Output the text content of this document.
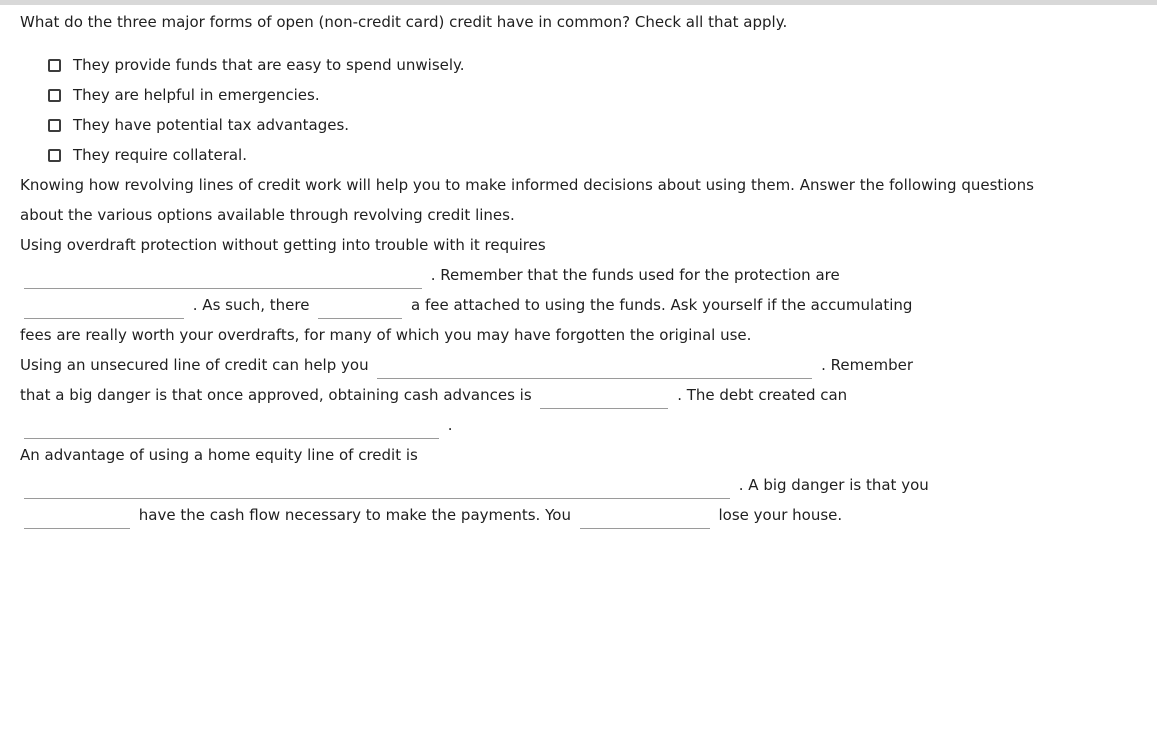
What do the three major forms of open (non-credit card) credit have in common? Check all that apply.
They provide funds that are easy to spend unwisely.
They are helpful in emergencies.
They have potential tax advantages.
They require collateral.

Knowing how revolving lines of credit work will help you to make informed decisions about using them. Answer the following questions about the various options available through revolving credit lines.

Using overdraft protection without getting into trouble with it requires
. Remember that the funds used for the protection are
. As such, there	a fee attached to using the funds. Ask yourself if the accumulating
fees are really worth your overdrafts, for many of which you may have forgotten the original use.

Using an unsecured line of credit can help you	. Remember
that a big danger is that once approved, obtaining cash advances is	. The debt created can
.

An advantage of using a home equity line of credit is
. A big danger is that you
have the cash flow necessary to make the payments. You	lose your house.
